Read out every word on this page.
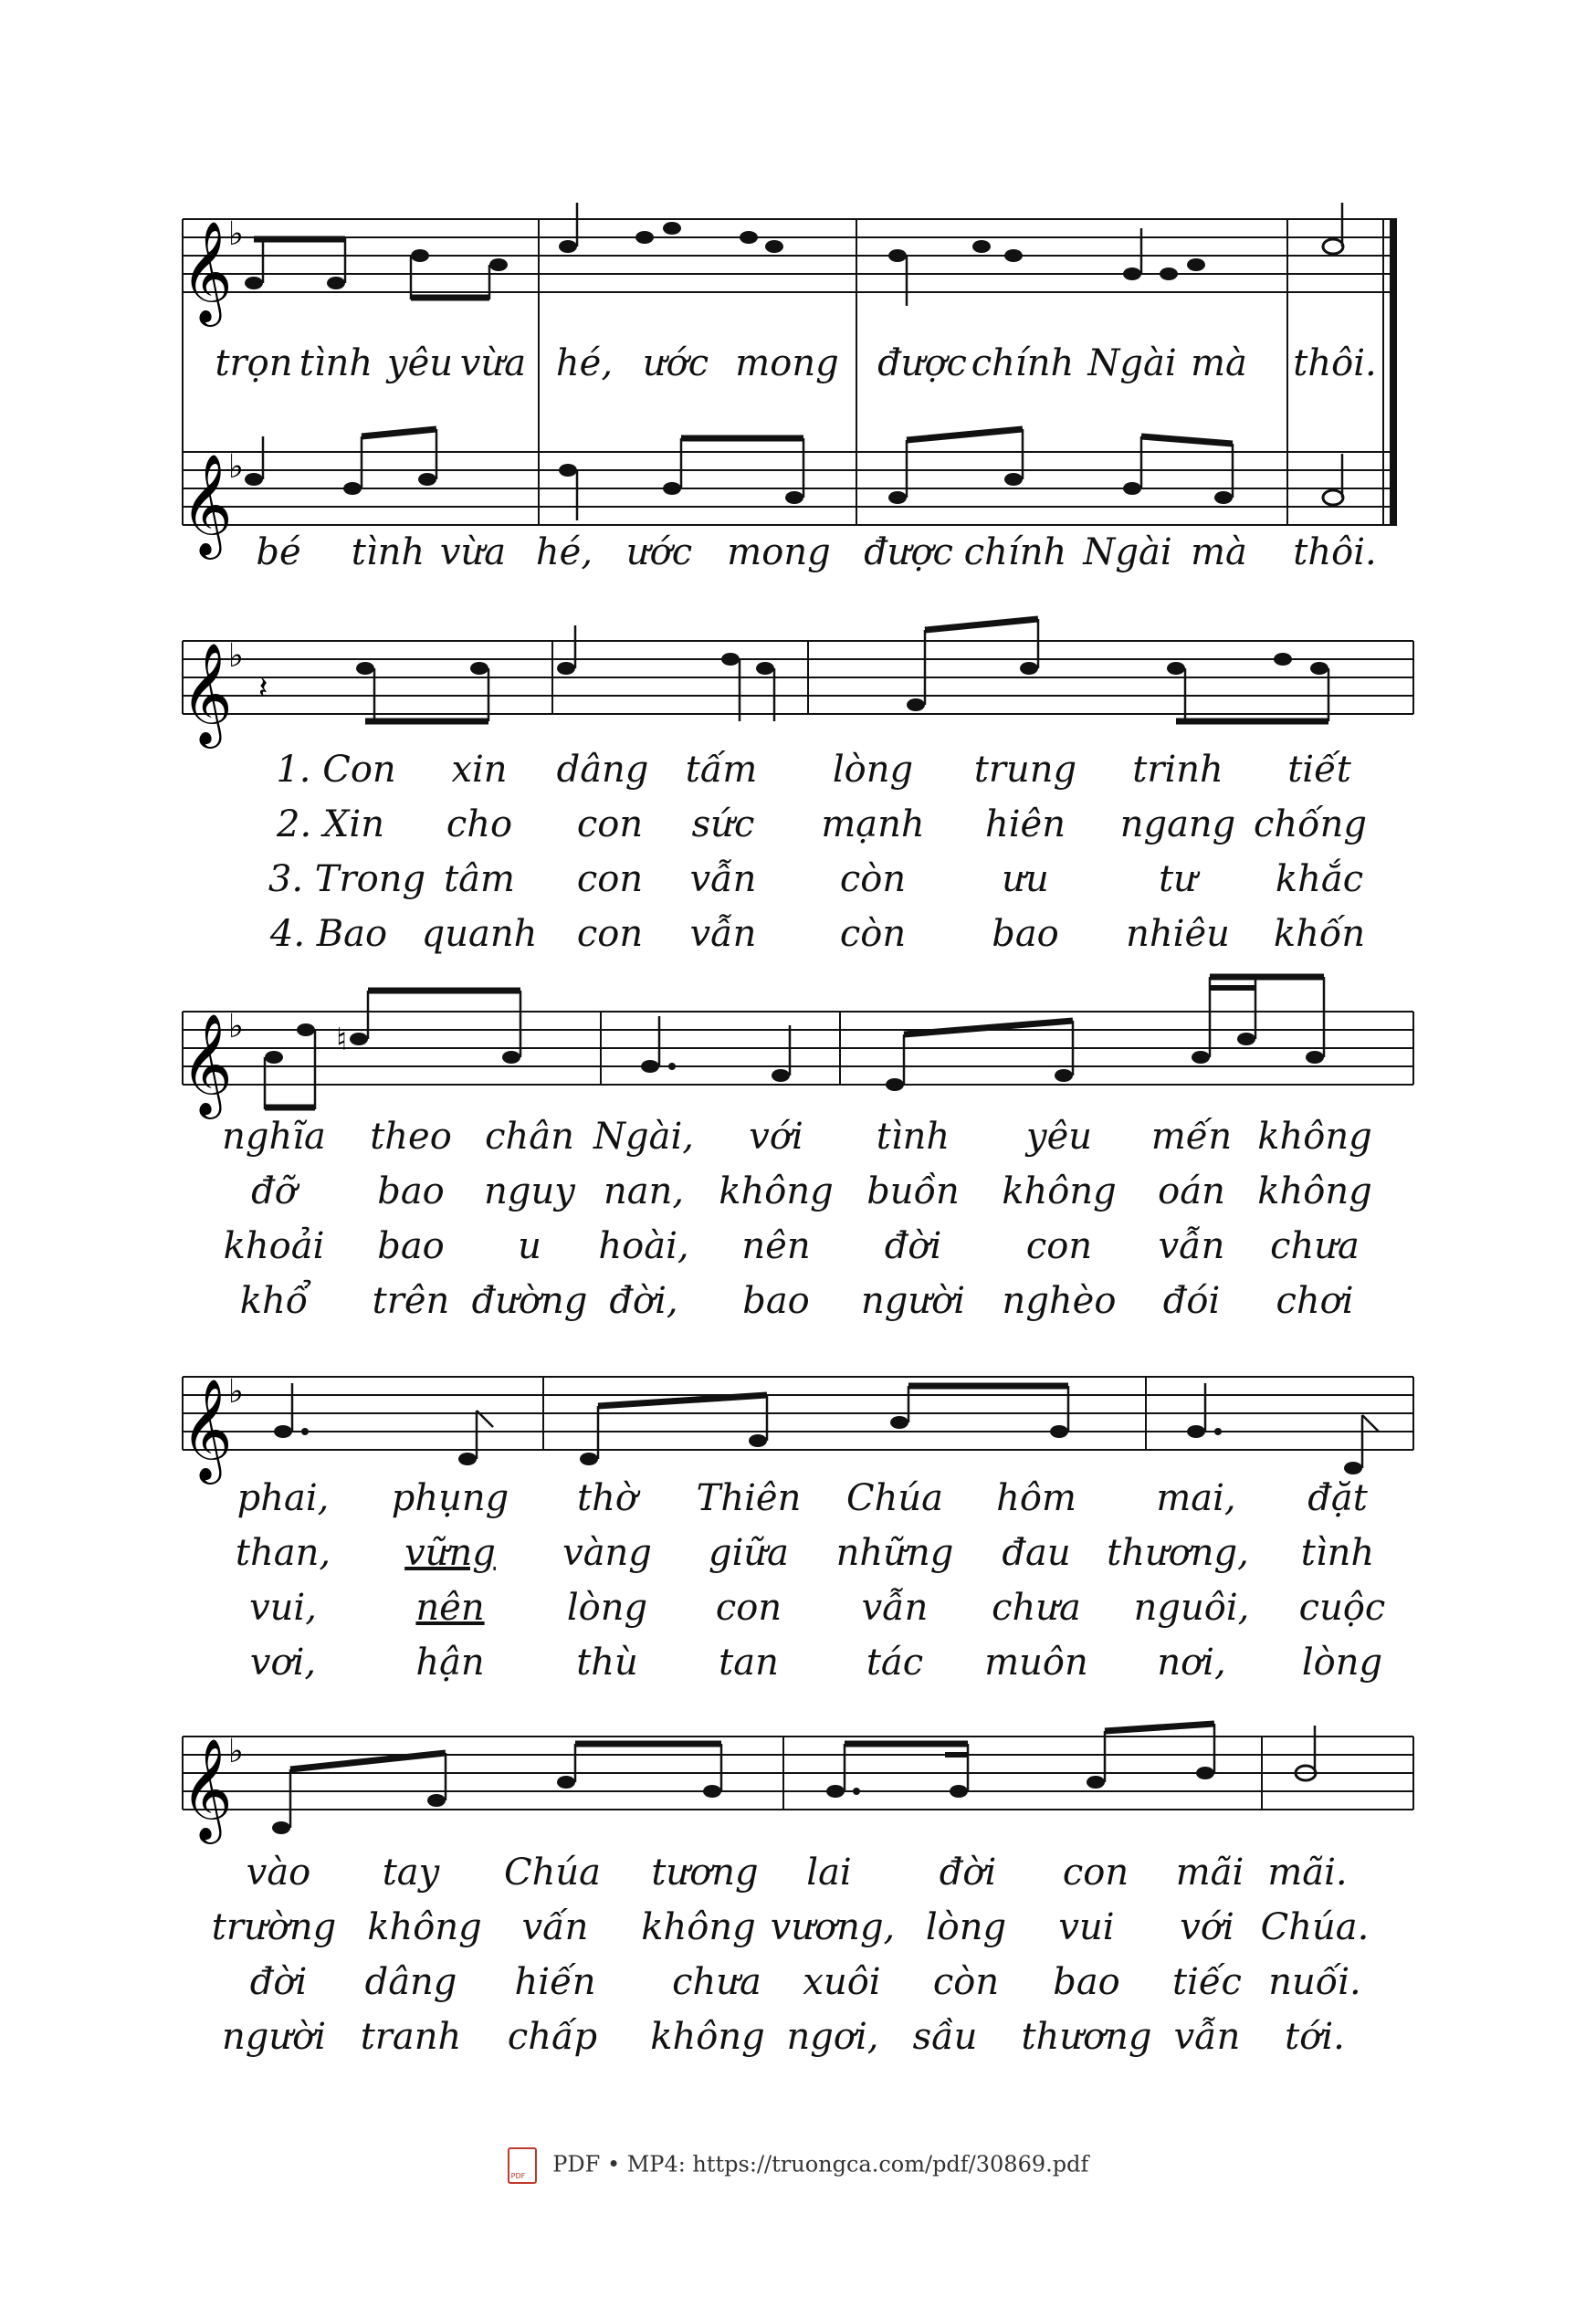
𝄞
𝄞
♭
♭
trọn tình yêu vừa hé, ước mong được chính Ngài mà thôi.
bé tình vừa hé, ước mong được chính Ngài mà thôi.
𝄞
♭
𝄽
1. Con xin dâng tấm lòng trung trinh tiết
2. Xin cho con sức mạnh hiên ngang chống
3. Trong tâm con vẫn còn	ưu	tư khắc
4. Bao quanh con vẫn còn bao nhiêu khốn
𝄞
♭	♮
nghĩa theo chân Ngài, với tình yêu mến không
đỡ bao nguy nan, không buồn không oán không
khoải bao u hoài, nên đời con vẫn chưa
khổ trên đường đời, bao người nghèo đói chơi
𝄞
♭
phai, phụng thờ Thiên Chúa hôm mai, đặt
than, vững vàng giữa những đau thương, tình
vui,	nên lòng con vẫn chưa nguôi, cuộc
vơi,	hận	thù tan tác muôn nơi, lòng
𝄞
♭
vào tay Chúa tương lai đời con mãi mãi.
trường không vấn không vương, lòng vui với Chúa.
đời dâng hiến chưa xuôi còn bao tiếc nuối.
người tranh chấp không ngơi, sầu thương vẫn tới.
PDF PDF • MP4: https://truongca.com/pdf/30869.pdf
